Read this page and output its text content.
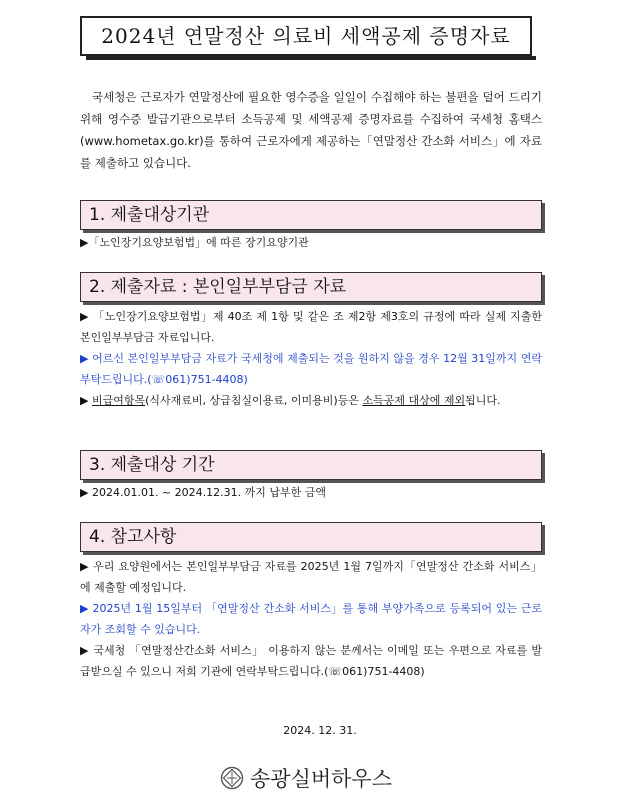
2024년 연말정산 의료비 세액공제 증명자료
국세청은 근로자가 연말정산에 필요한 영수증을 일일이 수집해야 하는 불편을 덜어 드리기 위해 영수증 발급기관으로부터 소득공제 및 세액공제 증명자료를 수집하여 국세청 홈택스(www.hometax.go.kr)를 통하여 근로자에게 제공하는「연말정산 간소화 서비스」에 자료를 제출하고 있습니다.
1. 제출대상기관
▶「노인장기요양보험법」에 따른 장기요양기관
2. 제출자료 : 본인일부부담금 자료
▶ 「노인장기요양보험법」제 40조 제 1항 및 같은 조 제2항 제3호의 규정에 따라 실제 지출한 본인일부부담금 자료입니다.
▶ 어르신 본인일부부담금 자료가 국세청에 제출되는 것을 원하지 않을 경우 12월 31일까지 연락부탁드립니다.(☏061)751-4408)
▶ 비급여항목(식사재료비, 상급침실이용료, 이미용비)등은 소득공제 대상에 제외됩니다.
3. 제출대상 기간
▶ 2024.01.01. ~ 2024.12.31. 까지 납부한 금액
4. 참고사항
▶ 우리 요양원에서는 본인일부부담금 자료를 2025년 1월 7일까지「연말정산 간소화 서비스」에 제출할 예정입니다.
▶ 2025년 1월 15일부터 「연말정산 간소화 서비스」를 통해 부양가족으로 등록되어 있는 근로자가 조회할 수 있습니다.
▶ 국세청 「연말정산간소화 서비스」 이용하지 않는 분께서는 이메일 또는 우편으로 자료를 발급받으실 수 있으니 저희 기관에 연락부탁드립니다.(☏061)751-4408)
2024. 12. 31.
송광실버하우스
